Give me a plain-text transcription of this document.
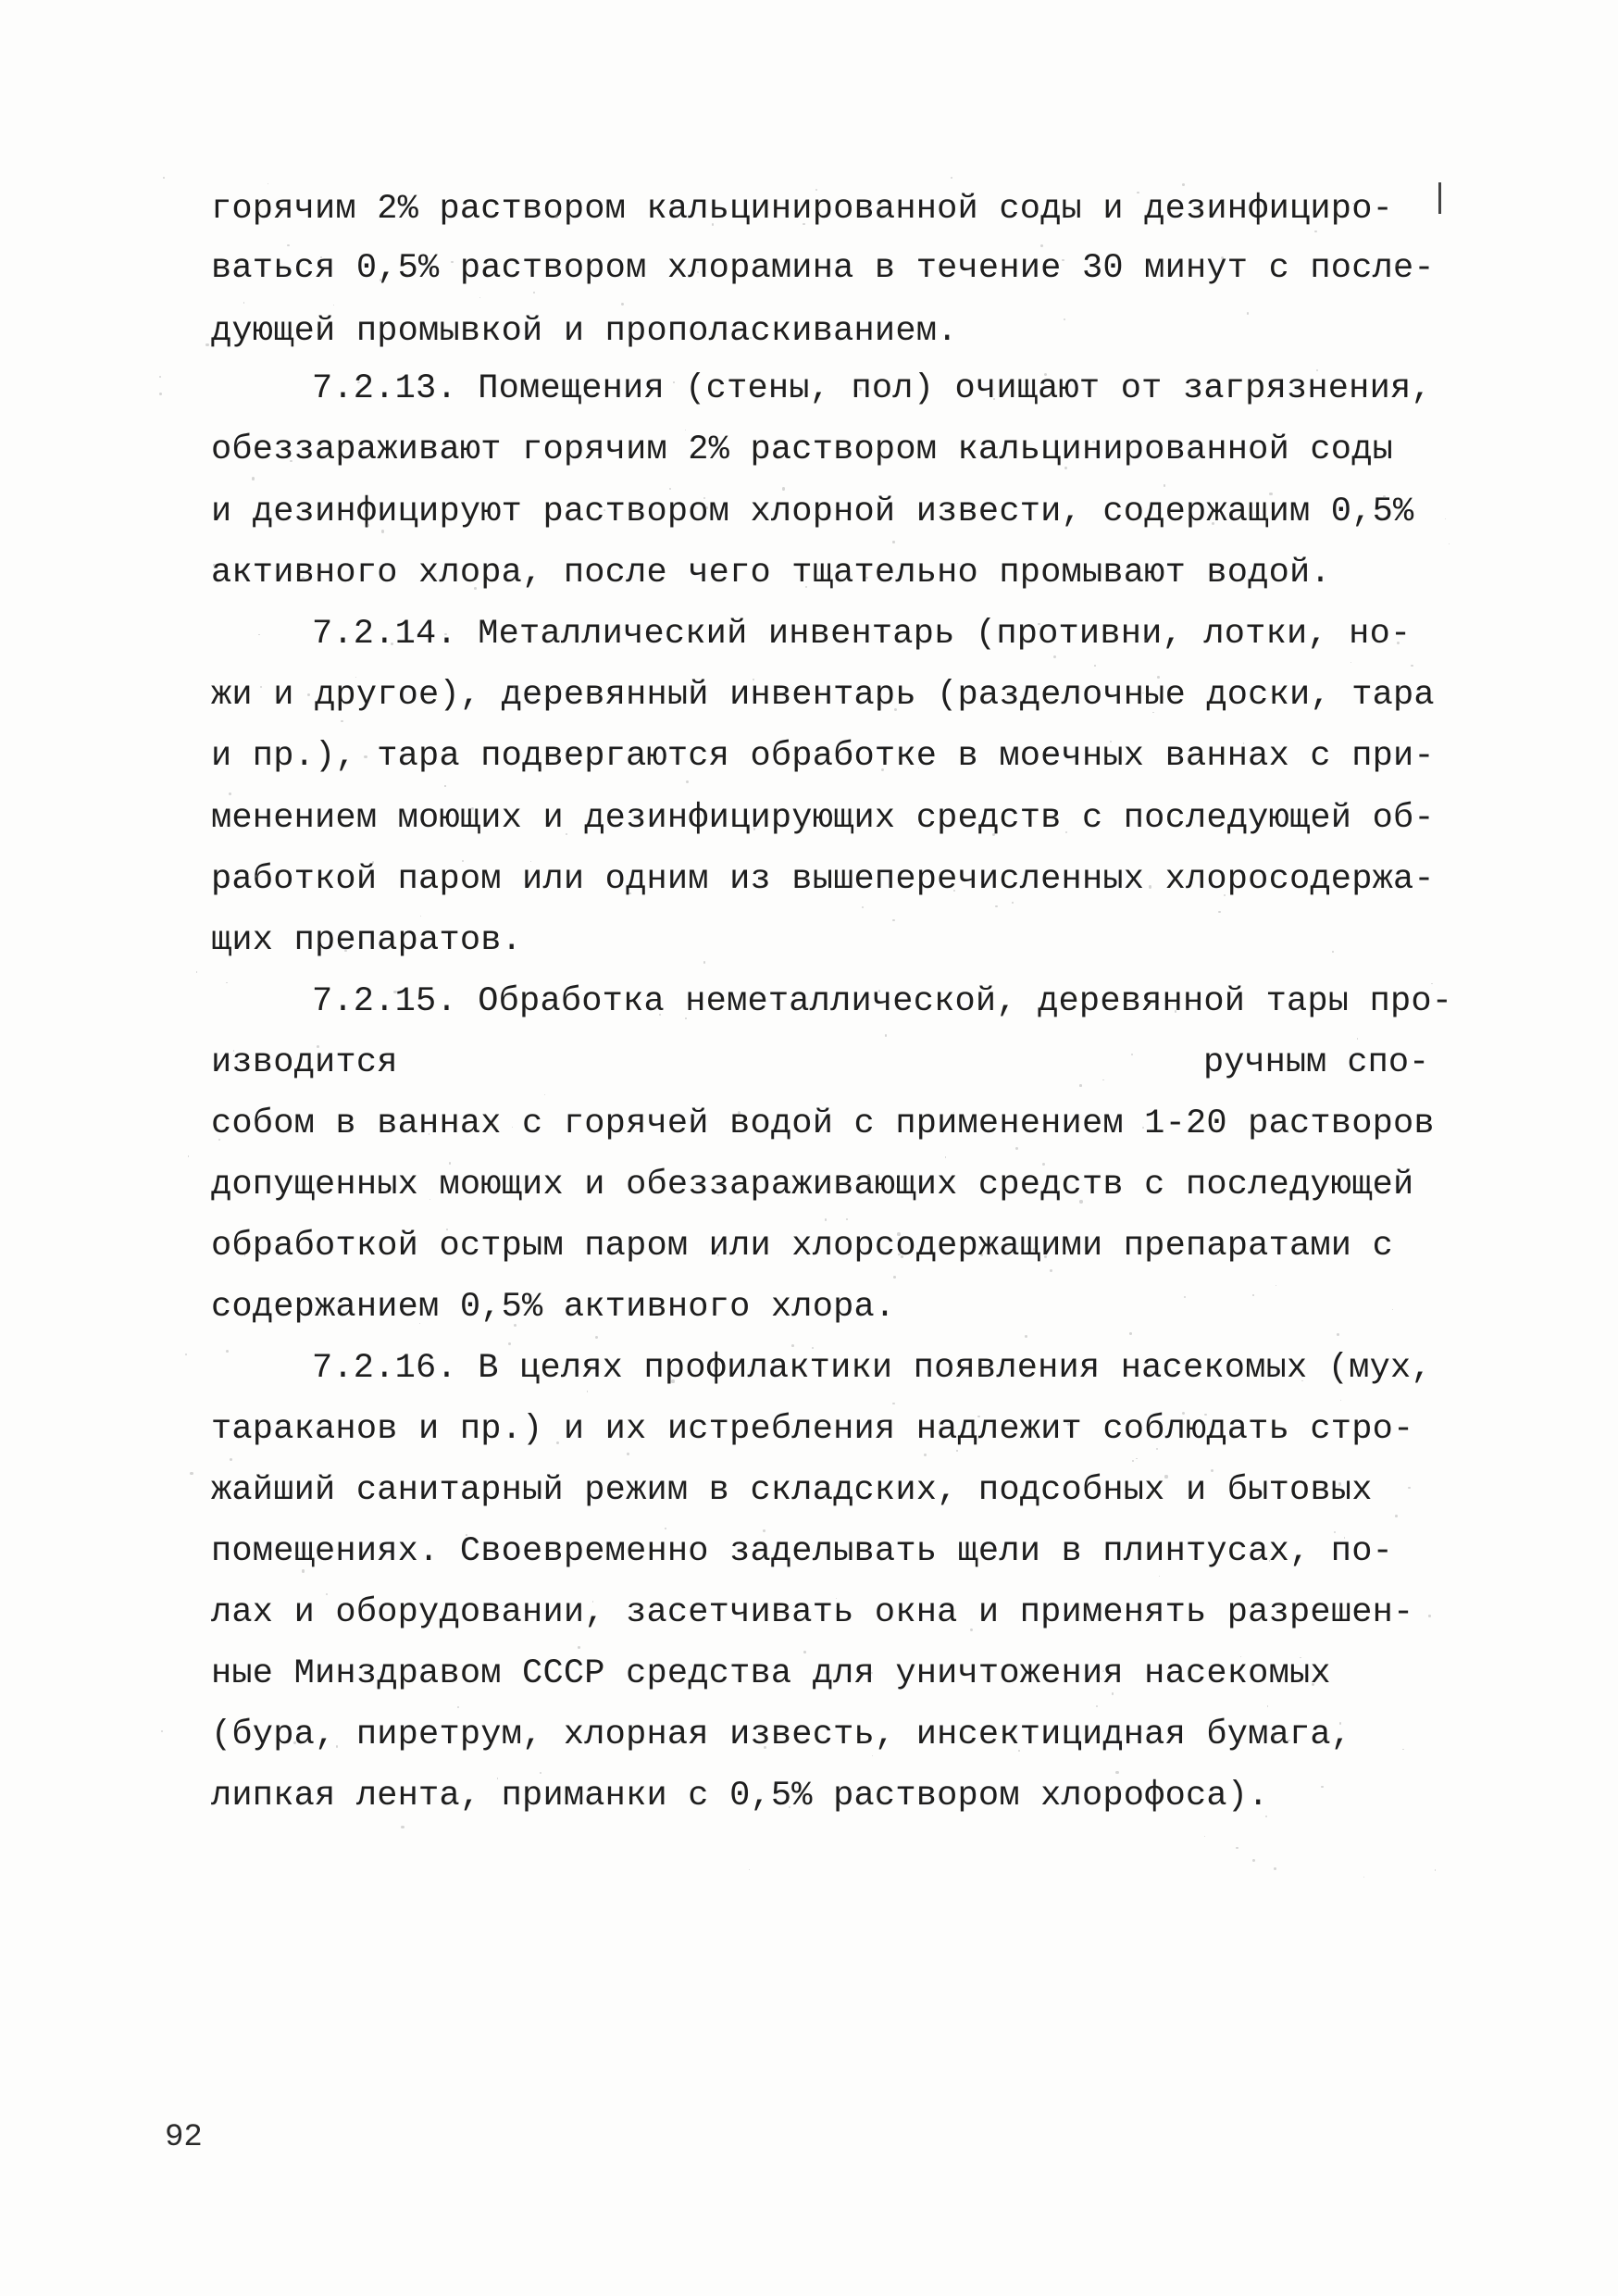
горячим 2% раствором кальцинированной соды и дезинфициро-
ваться 0,5% раствором хлорамина в течение 30 минут с после-
дующей промывкой и прополаскиванием.
7.2.13. Помещения (стены, пол) очищают от загрязнения,
обеззараживают горячим 2% раствором кальцинированной соды
и дезинфицируют раствором хлорной извести, содержащим 0,5%
активного хлора, после чего тщательно промывают водой.
7.2.14. Металлический инвентарь (противни, лотки, но-
жи и другое), деревянный инвентарь (разделочные доски, тара
и пр.), тара подвергаются обработке в моечных ваннах с при-
менением моющих и дезинфицирующих средств с последующей об-
работкой паром или одним из вышеперечисленных хлоросодержа-
щих препаратов.
7.2.15. Обработка неметаллической, деревянной тары про-
изводится	ручным спо-
собом в ваннах с горячей водой с применением 1-20 растворов
допущенных моющих и обеззараживающих средств с последующей
обработкой острым паром или хлорсодержащими препаратами с
содержанием 0,5% активного хлора.
7.2.16. В целях профилактики появления насекомых (мух,
тараканов и пр.) и их истребления надлежит соблюдать стро-
жайший санитарный режим в складских, подсобных и бытовых
помещениях. Своевременно заделывать щели в плинтусах, по-
лах и оборудовании, засетчивать окна и применять разрешен-
ные Минздравом СССР средства для уничтожения насекомых
(бура, пиретрум, хлорная известь, инсектицидная бумага,
липкая лента, приманки с 0,5% раствором хлорофоса).
92
